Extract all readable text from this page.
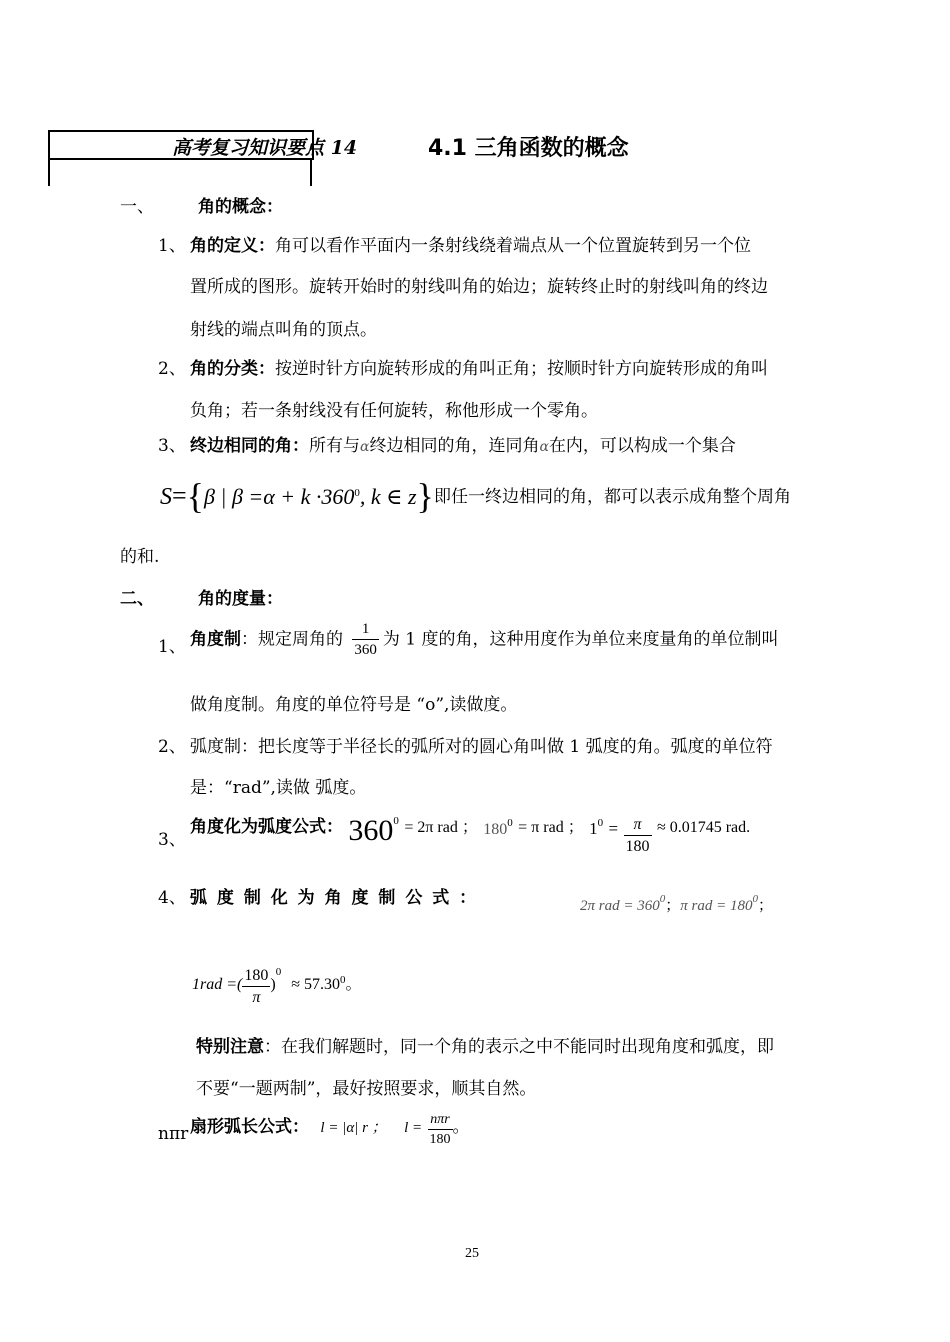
高考复习知识要点 14	4.1 三角函数的概念
一、	角的概念：
1、 角的定义：角可以看作平面内一条射线绕着端点从一个位置旋转到另一个位
置所成的图形。旋转开始时的射线叫角的始边；旋转终止时的射线叫角的终边
射线的端点叫角的顶点。
2、 角的分类：按逆时针方向旋转形成的角叫正角；按顺时针方向旋转形成的角叫
负角；若一条射线没有任何旋转，称他形成一个零角。
3、 终边相同的角：所有与α终边相同的角，连同角α在内，可以构成一个集合
S={β | $\beta =\alpha + k \cdot 360^0$, k ∈ z} 即任一终边相同的角，都可以表示成角整个周角
的和.
二、	角的度量：
1、 角度制：规定周角的 $\frac{1}{360}$ 为 1 度的角，这种用度作为单位来度量角的单位制叫
做角度制。角度的单位符号是 “o”,读做度。
2、 弧度制：把长度等于半径长的弧所对的圆心角叫做 1 弧度的角。弧度的单位符
是：“rad”,读做 弧度。
3、
角度化为弧度公式： $360^0 = 2\pi$ rad ； $180^0 = \pi$ rad ； $1^0 = \frac{\pi}{180} \approx 0.01745$ rad.
4、 弧 度 制 化 为 角 度 制 公 式 ：	2π rad = $360^0$；π rad = $180^0$；
1rad =( $\frac{180}{\pi} )^0 \approx 57.30^0$。
特别注意：在我们解题时，同一个角的表示之中不能同时出现角度和弧度，即
不要“一题两制”，最好按照要求，顺其自然。
nπr 扇形弧长公式： l = |α| r ； $l = \frac{\text{nπr}}{180}$ 。
25
